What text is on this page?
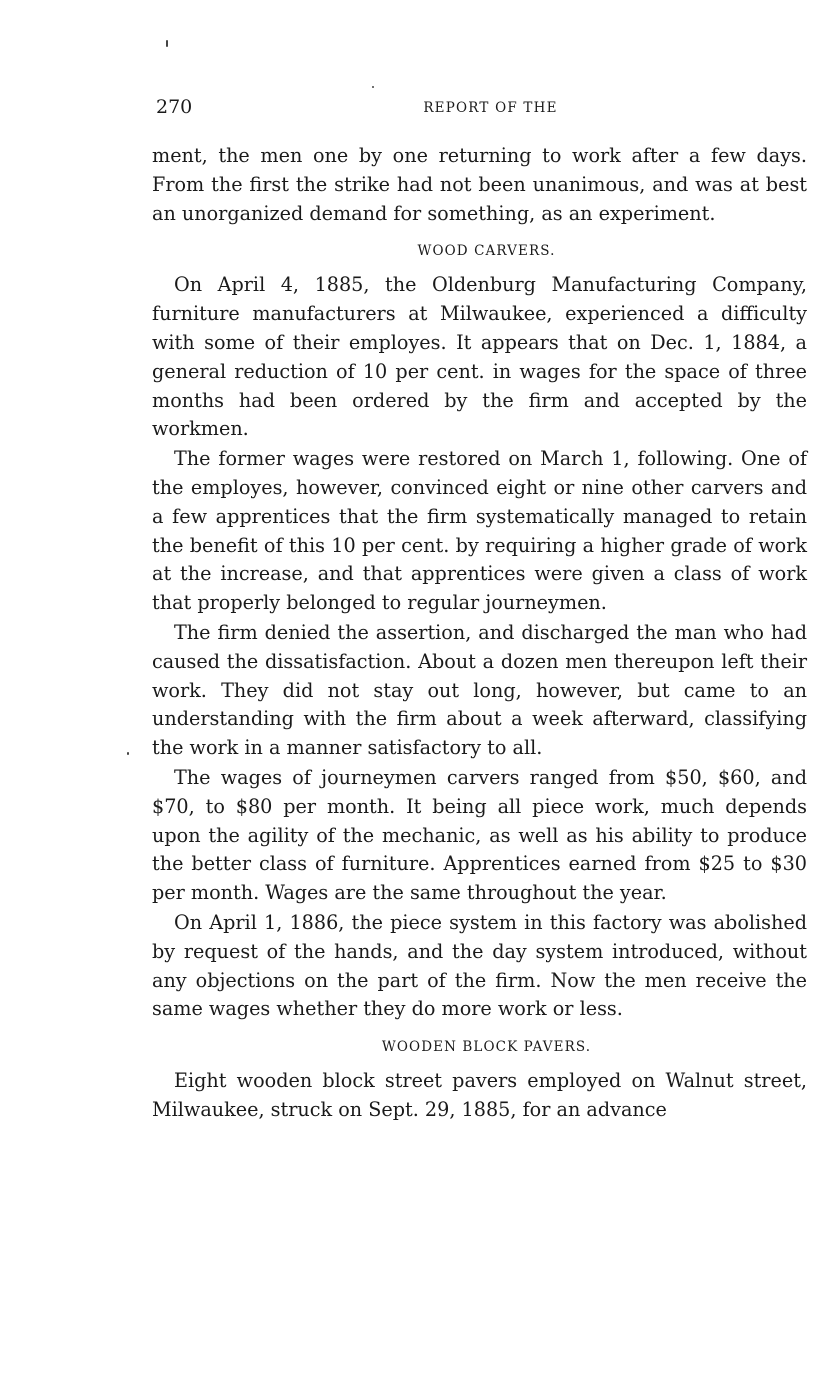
270	REPORT OF THE

ment, the men one by one returning to work after a few days. From the first the strike had not been unanimous, and was at best an unorganized demand for something, as an experiment.

WOOD CARVERS.

On April 4, 1885, the Oldenburg Manufacturing Company, furniture manufacturers at Milwaukee, experienced a difficulty with some of their employes. It appears that on Dec. 1, 1884, a general reduction of 10 per cent. in wages for the space of three months had been ordered by the firm and accepted by the workmen.

The former wages were restored on March 1, following. One of the employes, however, convinced eight or nine other carvers and a few apprentices that the firm systematically managed to retain the benefit of this 10 per cent. by requiring a higher grade of work at the increase, and that apprentices were given a class of work that properly belonged to regular journeymen.

The firm denied the assertion, and discharged the man who had caused the dissatisfaction. About a dozen men thereupon left their work. They did not stay out long, however, but came to an understanding with the firm about a week afterward, classifying the work in a manner satisfactory to all.

The wages of journeymen carvers ranged from $50, $60, and $70, to $80 per month. It being all piece work, much depends upon the agility of the mechanic, as well as his ability to produce the better class of furniture. Apprentices earned from $25 to $30 per month. Wages are the same throughout the year.

On April 1, 1886, the piece system in this factory was abolished by request of the hands, and the day system introduced, without any objections on the part of the firm. Now the men receive the same wages whether they do more work or less.

WOODEN BLOCK PAVERS.

Eight wooden block street pavers employed on Walnut street, Milwaukee, struck on Sept. 29, 1885, for an advance
